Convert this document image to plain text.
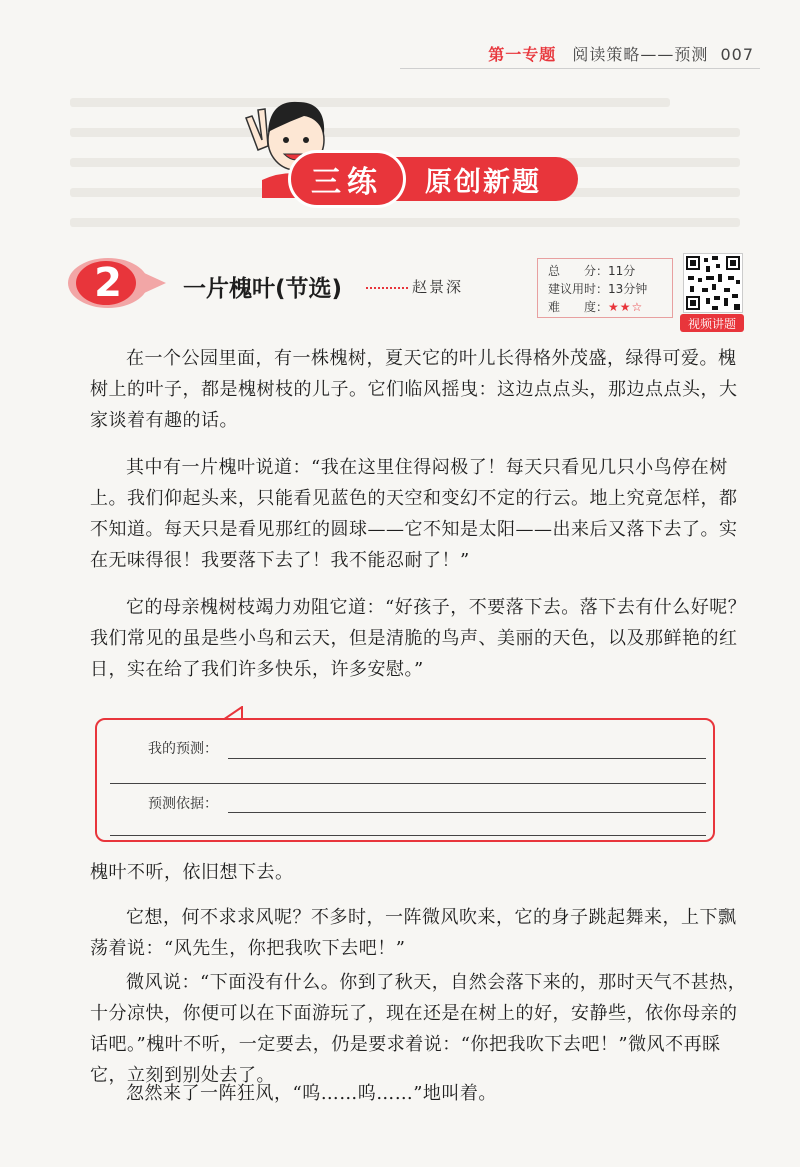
第一专题 阅读策略——预测 007
原创新题
三练
2	一片槐叶(节选)	赵景深
总　　分：11分
建议用时：13分钟
难　　度：★★☆
视频讲题

在一个公园里面，有一株槐树，夏天它的叶儿长得格外茂盛，绿得可爱。槐树上的叶子，都是槐树枝的儿子。它们临风摇曳：这边点点头，那边点点头，大家谈着有趣的话。

其中有一片槐叶说道：“我在这里住得闷极了！每天只看见几只小鸟停在树上。我们仰起头来，只能看见蓝色的天空和变幻不定的行云。地上究竟怎样，都不知道。每天只是看见那红的圆球——它不知是太阳——出来后又落下去了。实在无味得很！我要落下去了！我不能忍耐了！”

它的母亲槐树枝竭力劝阻它道：“好孩子，不要落下去。落下去有什么好呢？我们常见的虽是些小鸟和云天，但是清脆的鸟声、美丽的天色，以及那鲜艳的红日，实在给了我们许多快乐，许多安慰。”

我的预测：
预测依据：

槐叶不听，依旧想下去。

它想，何不求求风呢？不多时，一阵微风吹来，它的身子跳起舞来，上下飘荡着说：“风先生，你把我吹下去吧！”

微风说：“下面没有什么。你到了秋天，自然会落下来的，那时天气不甚热，十分凉快，你便可以在下面游玩了，现在还是在树上的好，安静些，依你母亲的话吧。”槐叶不听，一定要去，仍是要求着说：“你把我吹下去吧！”微风不再睬它，立刻到别处去了。

忽然来了一阵狂风，“呜……呜……”地叫着。
